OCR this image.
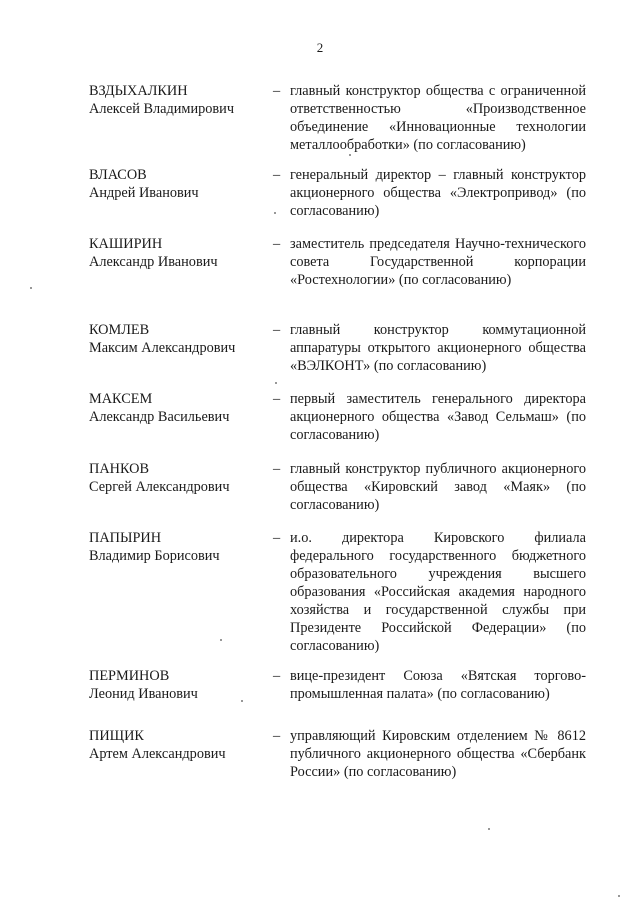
2
ВЗДЫХАЛКИН
Алексей Владимирович
– главный конструктор общества с ограниченной ответственностью «Производственное объединение «Инновационные технологии металлообработки» (по согласованию)
ВЛАСОВ
Андрей Иванович
– генеральный директор – главный конструктор акционерного общества «Электропривод» (по согласованию)
КАШИРИН
Александр Иванович
– заместитель председателя Научно-технического совета Государственной корпорации «Ростехнологии» (по согласованию)
КОМЛЕВ
Максим Александрович
– главный конструктор коммутационной аппаратуры открытого акционерного общества «ВЭЛКОНТ» (по согласованию)
МАКСЕМ
Александр Васильевич
– первый заместитель генерального директора акционерного общества «Завод Сельмаш» (по согласованию)
ПАНКОВ
Сергей Александрович
– главный конструктор публичного акционерного общества «Кировский завод «Маяк» (по согласованию)
ПАПЫРИН
Владимир Борисович
– и.о. директора Кировского филиала федерального государственного бюджетного образовательного учреждения высшего образования «Российская академия народного хозяйства и государственной службы при Президенте Российской Федерации» (по согласованию)
ПЕРМИНОВ
Леонид Иванович
– вице-президент Союза «Вятская торгово-промышленная палата» (по согласованию)
ПИЩИК
Артем Александрович
– управляющий Кировским отделением № 8612 публичного акционерного общества «Сбербанк России» (по согласованию)
